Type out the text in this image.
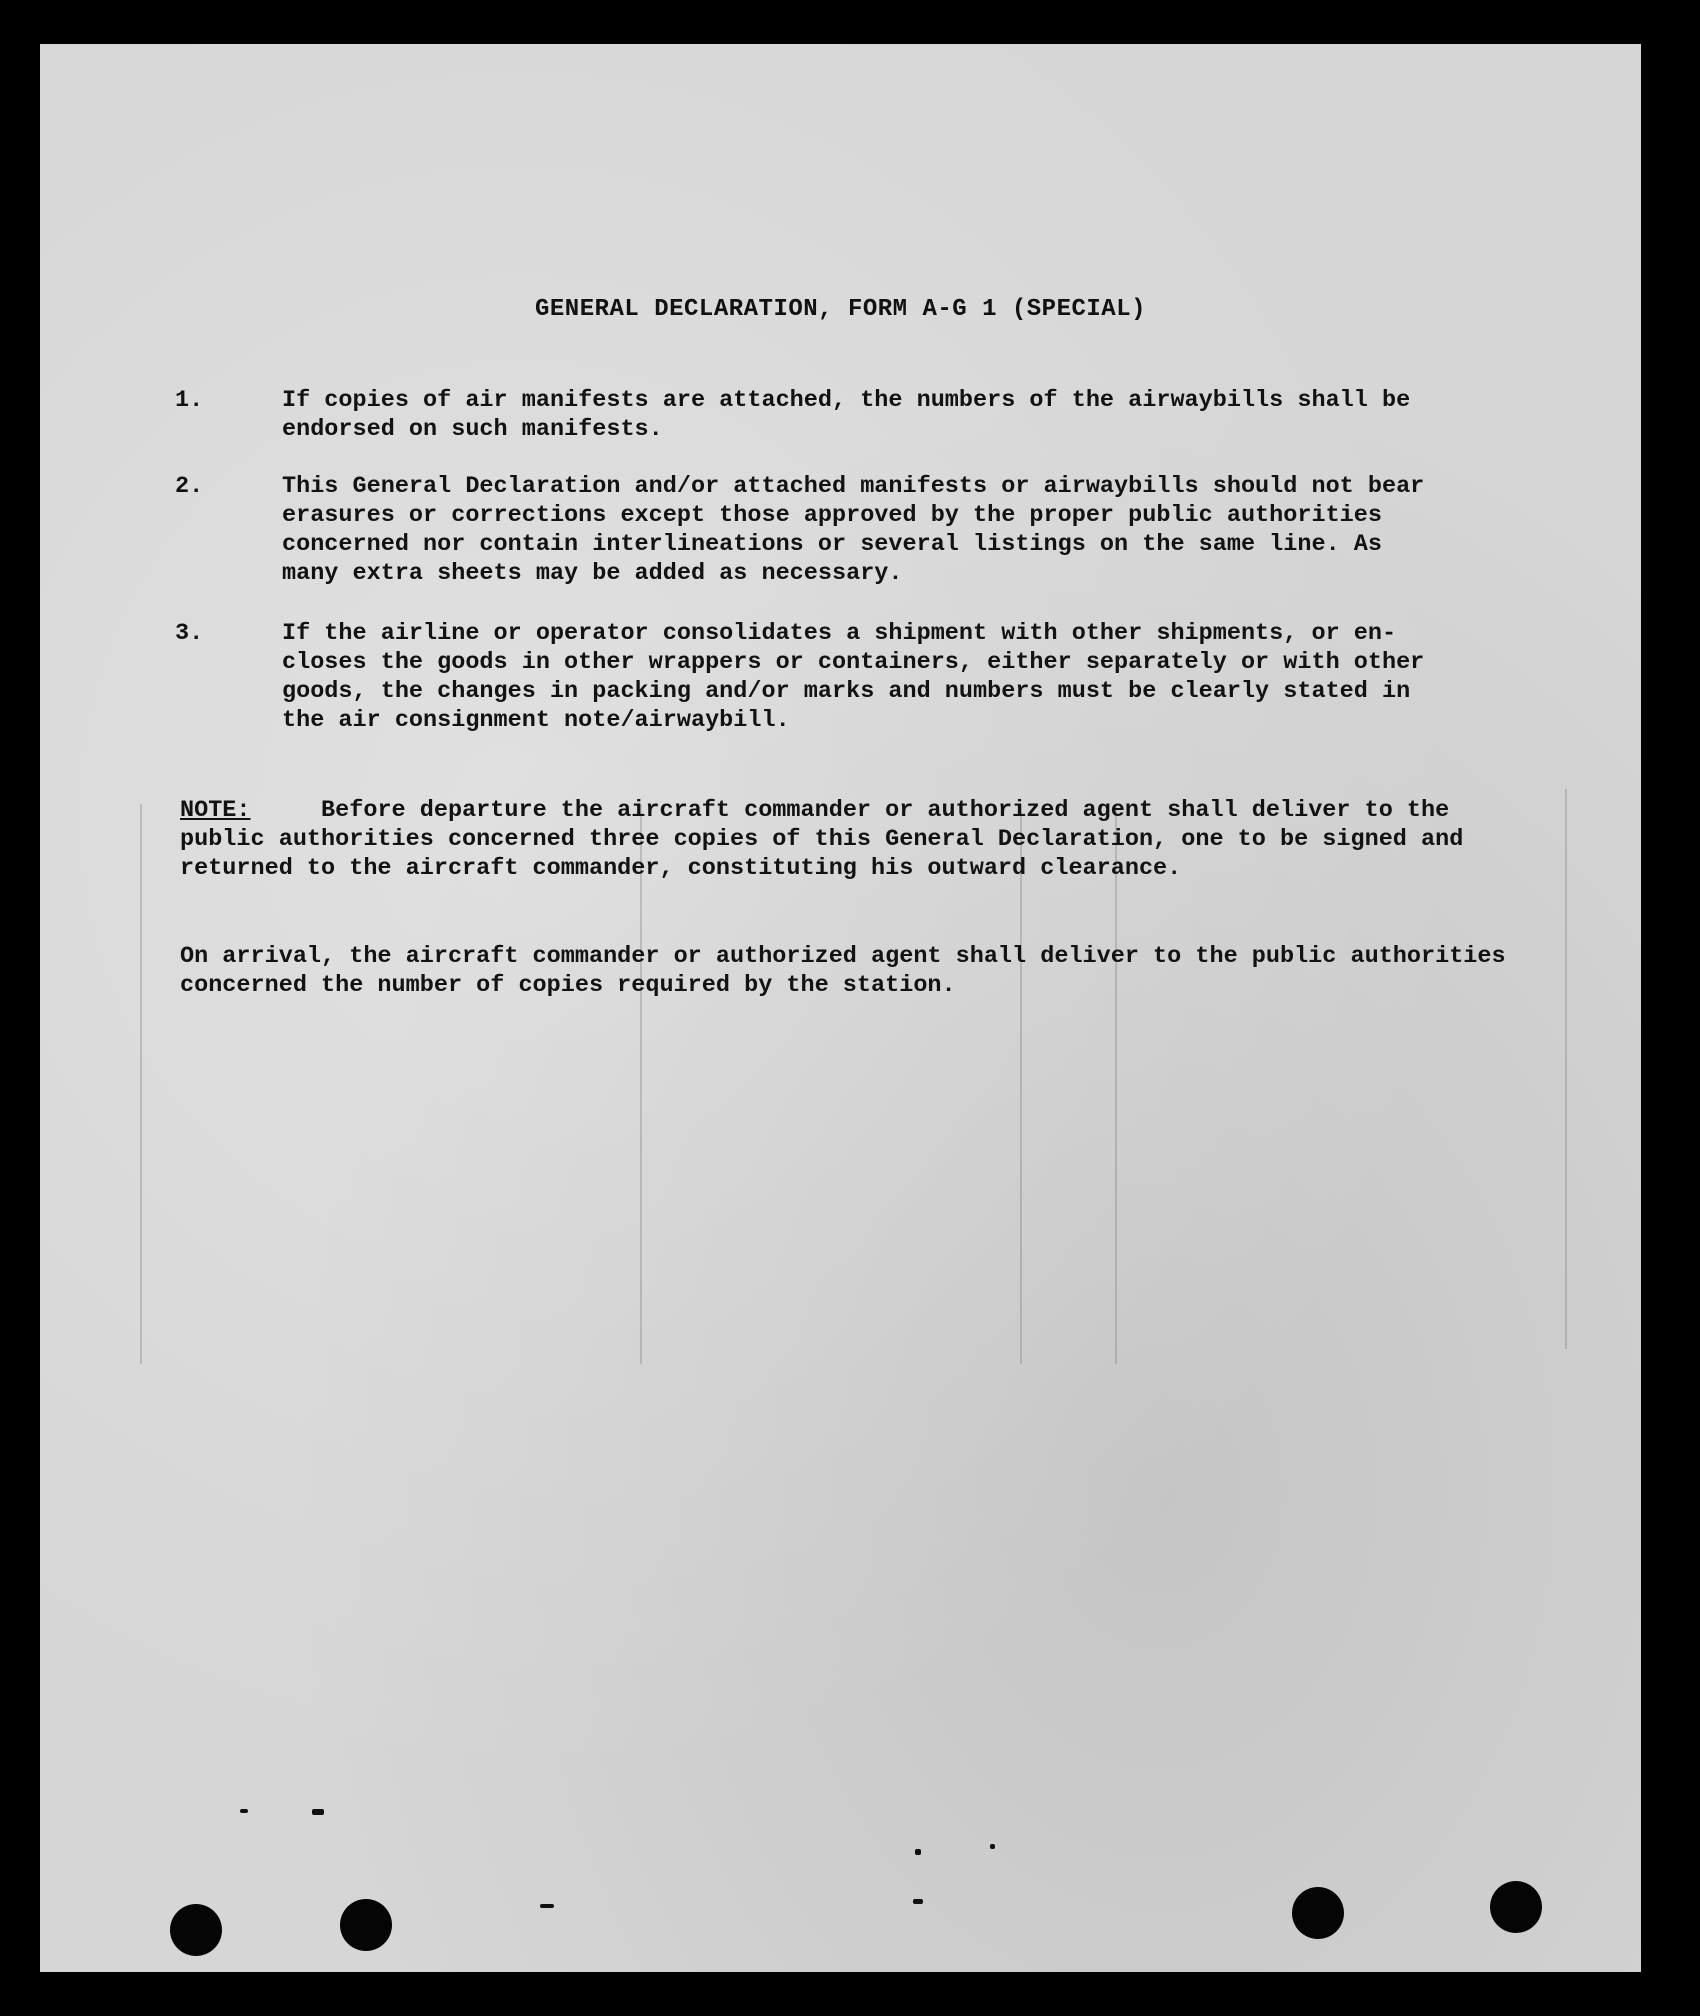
GENERAL DECLARATION, FORM A-G 1 (SPECIAL)
1.	If copies of air manifests are attached, the numbers of the airwaybills shall be
endorsed on such manifests.
2.	This General Declaration and/or attached manifests or airwaybills should not bear
erasures or corrections except those approved by the proper public authorities
concerned nor contain interlineations or several listings on the same line. As
many extra sheets may be added as necessary.
3.	If the airline or operator consolidates a shipment with other shipments, or en-
closes the goods in other wrappers or containers, either separately or with other
goods, the changes in packing and/or marks and numbers must be clearly stated in
the air consignment note/airwaybill.
NOTE:	Before departure the aircraft commander or authorized agent shall deliver to the public authorities concerned three copies of this General Declaration, one to be signed and returned to the aircraft commander, constituting his outward clearance.
On arrival, the aircraft commander or authorized agent shall deliver to the public authorities concerned the number of copies required by the station.
